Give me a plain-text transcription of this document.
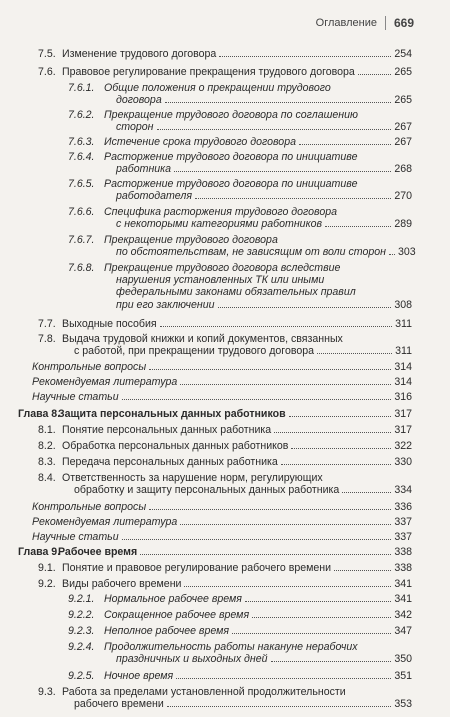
Оглавление 669
7.5. Изменение трудового договора	254
7.6. Правовое регулирование прекращения трудового договора	265
7.6.1. Общие положения о прекращении трудового
договора	265
7.6.2. Прекращение трудового договора по соглашению
сторон	267
7.6.3. Истечение срока трудового договора	267
7.6.4. Расторжение трудового договора по инициативе
работника	268
7.6.5. Расторжение трудового договора по инициативе
работодателя	270
7.6.6. Специфика расторжения трудового договора
с некоторыми категориями работников	289
7.6.7. Прекращение трудового договора
по обстоятельствам, не зависящим от воли сторон 303
7.6.8. Прекращение трудового договора вследствие
нарушения установленных ТК или иными
федеральными законами обязательных правил
при его заключении	308
7.7. Выходные пособия	311
7.8. Выдача трудовой книжки и копий документов, связанных
с работой, при прекращении трудового договора	311
Контрольные вопросы	314
Рекомендуемая литература	314
Научные статьи	316
Глава 8.
Защита персональных данных работников	317
8.1. Понятие персональных данных работника	317
8.2. Обработка персональных данных работников	322
8.3. Передача персональных данных работника	330
8.4. Ответственность за нарушение норм, регулирующих
обработку и защиту персональных данных работника	334
Контрольные вопросы	336
Рекомендуемая литература	337
Научные статьи	337
Глава 9.
Рабочее время	338
9.1. Понятие и правовое регулирование рабочего времени	338
9.2. Виды рабочего времени	341
9.2.1. Нормальное рабочее время	341
9.2.2. Сокращенное рабочее время	342
9.2.3. Неполное рабочее время	347
9.2.4. Продолжительность работы накануне нерабочих
праздничных и выходных дней	350
9.2.5. Ночное время	351
9.3. Работа за пределами установленной продолжительности
рабочего времени	353
